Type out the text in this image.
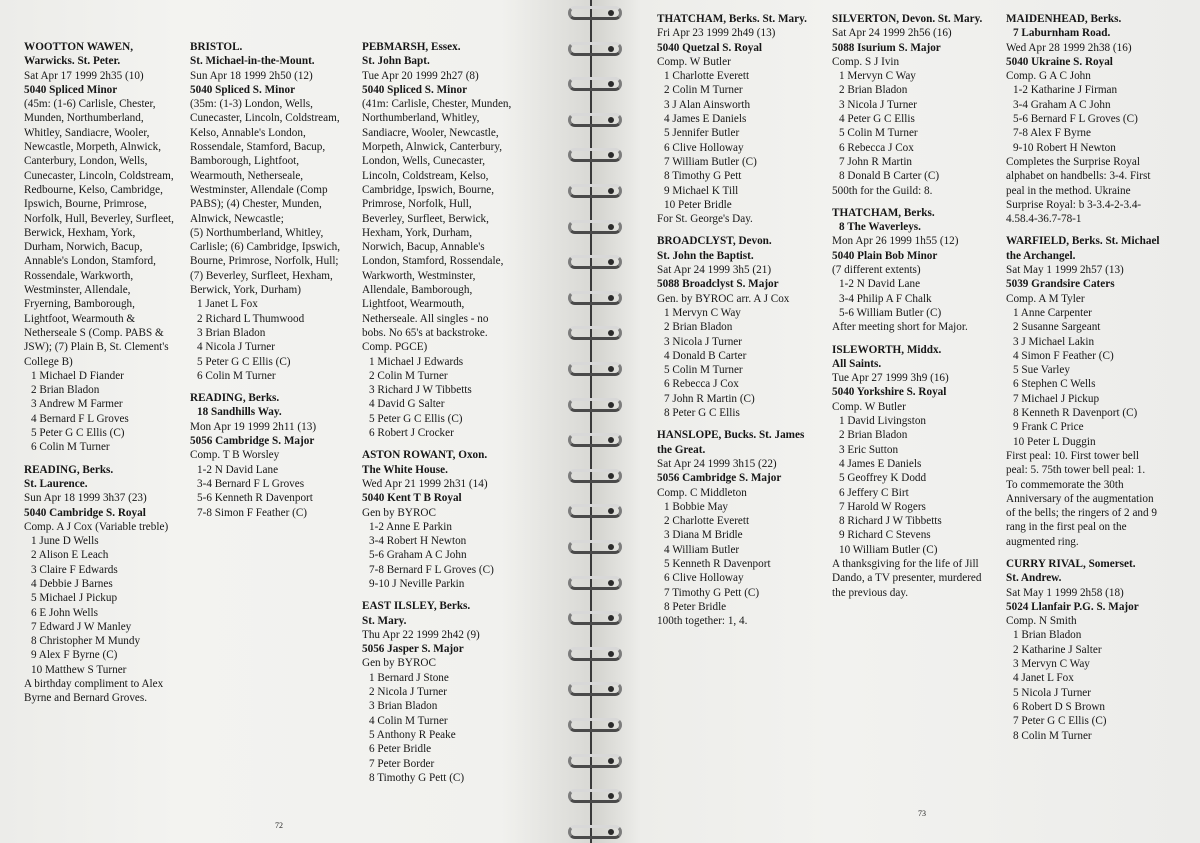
WOOTTON WAWEN,
Warwicks. St. Peter.
Sat Apr 17 1999 2h35 (10)
5040 Spliced Minor
(45m: (1-6) Carlisle, Chester,
Munden, Northumberland,
Whitley, Sandiacre, Wooler,
Newcastle, Morpeth, Alnwick,
Canterbury, London, Wells,
Cunecaster, Lincoln, Coldstream,
Redbourne, Kelso, Cambridge,
Ipswich, Bourne, Primrose,
Norfolk, Hull, Beverley, Surfleet,
Berwick, Hexham, York,
Durham, Norwich, Bacup,
Annable's London, Stamford,
Rossendale, Warkworth,
Westminster, Allendale,
Fryerning, Bamborough,
Lightfoot, Wearmouth &
Netherseale S (Comp. PABS &
JSW); (7) Plain B, St. Clement's
College B)
1 Michael D Fiander
2 Brian Bladon
3 Andrew M Farmer
4 Bernard F L Groves
5 Peter G C Ellis (C)
6 Colin M Turner
READING, Berks.
St. Laurence.
Sun Apr 18 1999 3h37 (23)
5040 Cambridge S. Royal
Comp. A J Cox (Variable treble)
1 June D Wells
2 Alison E Leach
3 Claire F Edwards
4 Debbie J Barnes
5 Michael J Pickup
6 E John Wells
7 Edward J W Manley
8 Christopher M Mundy
9 Alex F Byrne (C)
10 Matthew S Turner
A birthday compliment to Alex
Byrne and Bernard Groves.
BRISTOL.
St. Michael-in-the-Mount.
Sun Apr 18 1999 2h50 (12)
5040 Spliced S. Minor
(35m: (1-3) London, Wells,
Cunecaster, Lincoln, Coldstream,
Kelso, Annable's London,
Rossendale, Stamford, Bacup,
Bamborough, Lightfoot,
Wearmouth, Netherseale,
Westminster, Allendale (Comp
PABS); (4) Chester, Munden,
Alnwick, Newcastle;
(5) Northumberland, Whitley,
Carlisle; (6) Cambridge, Ipswich,
Bourne, Primrose, Norfolk, Hull;
(7) Beverley, Surfleet, Hexham,
Berwick, York, Durham)
1 Janet L Fox
2 Richard L Thumwood
3 Brian Bladon
4 Nicola J Turner
5 Peter G C Ellis (C)
6 Colin M Turner
READING, Berks.
18 Sandhills Way.
Mon Apr 19 1999 2h11 (13)
5056 Cambridge S. Major
Comp. T B Worsley
1-2 N David Lane
3-4 Bernard F L Groves
5-6 Kenneth R Davenport
7-8 Simon F Feather (C)
PEBMARSH, Essex.
St. John Bapt.
Tue Apr 20 1999 2h27 (8)
5040 Spliced S. Minor
(41m: Carlisle, Chester, Munden,
Northumberland, Whitley,
Sandiacre, Wooler, Newcastle,
Morpeth, Alnwick, Canterbury,
London, Wells, Cunecaster,
Lincoln, Coldstream, Kelso,
Cambridge, Ipswich, Bourne,
Primrose, Norfolk, Hull,
Beverley, Surfleet, Berwick,
Hexham, York, Durham,
Norwich, Bacup, Annable's
London, Stamford, Rossendale,
Warkworth, Westminster,
Allendale, Bamborough,
Lightfoot, Wearmouth,
Netherseale. All singles - no
bobs. No 65's at backstroke.
Comp. PGCE)
1 Michael J Edwards
2 Colin M Turner
3 Richard J W Tibbetts
4 David G Salter
5 Peter G C Ellis (C)
6 Robert J Crocker
ASTON ROWANT, Oxon.
The White House.
Wed Apr 21 1999 2h31 (14)
5040 Kent T B Royal
Gen by BYROC
1-2 Anne E Parkin
3-4 Robert H Newton
5-6 Graham A C John
7-8 Bernard F L Groves (C)
9-10 J Neville Parkin
EAST ILSLEY, Berks.
St. Mary.
Thu Apr 22 1999 2h42 (9)
5056 Jasper S. Major
Gen by BYROC
1 Bernard J Stone
2 Nicola J Turner
3 Brian Bladon
4 Colin M Turner
5 Anthony R Peake
6 Peter Bridle
7 Peter Border
8 Timothy G Pett (C)
72
THATCHAM, Berks. St. Mary.
Fri Apr 23 1999 2h49 (13)
5040 Quetzal S. Royal
Comp. W Butler
1 Charlotte Everett
2 Colin M Turner
3 J Alan Ainsworth
4 James E Daniels
5 Jennifer Butler
6 Clive Holloway
7 William Butler (C)
8 Timothy G Pett
9 Michael K Till
10 Peter Bridle
For St. George's Day.
BROADCLYST, Devon.
St. John the Baptist.
Sat Apr 24 1999 3h5 (21)
5088 Broadclyst S. Major
Gen. by BYROC arr. A J Cox
1 Mervyn C Way
2 Brian Bladon
3 Nicola J Turner
4 Donald B Carter
5 Colin M Turner
6 Rebecca J Cox
7 John R Martin (C)
8 Peter G C Ellis
HANSLOPE, Bucks. St. James
the Great.
Sat Apr 24 1999 3h15 (22)
5056 Cambridge S. Major
Comp. C Middleton
1 Bobbie May
2 Charlotte Everett
3 Diana M Bridle
4 William Butler
5 Kenneth R Davenport
6 Clive Holloway
7 Timothy G Pett (C)
8 Peter Bridle
100th together: 1, 4.
SILVERTON, Devon. St. Mary.
Sat Apr 24 1999 2h56 (16)
5088 Isurium S. Major
Comp. S J Ivin
1 Mervyn C Way
2 Brian Bladon
3 Nicola J Turner
4 Peter G C Ellis
5 Colin M Turner
6 Rebecca J Cox
7 John R Martin
8 Donald B Carter (C)
500th for the Guild: 8.
THATCHAM, Berks.
8 The Waverleys.
Mon Apr 26 1999 1h55 (12)
5040 Plain Bob Minor
(7 different extents)
1-2 N David Lane
3-4 Philip A F Chalk
5-6 William Butler (C)
After meeting short for Major.
ISLEWORTH, Middx.
All Saints.
Tue Apr 27 1999 3h9 (16)
5040 Yorkshire S. Royal
Comp. W Butler
1 David Livingston
2 Brian Bladon
3 Eric Sutton
4 James E Daniels
5 Geoffrey K Dodd
6 Jeffery C Birt
7 Harold W Rogers
8 Richard J W Tibbetts
9 Richard C Stevens
10 William Butler (C)
A thanksgiving for the life of Jill
Dando, a TV presenter, murdered
the previous day.
MAIDENHEAD, Berks.
7 Laburnham Road.
Wed Apr 28 1999 2h38 (16)
5040 Ukraine S. Royal
Comp. G A C John
1-2 Katharine J Firman
3-4 Graham A C John
5-6 Bernard F L Groves (C)
7-8 Alex F Byrne
9-10 Robert H Newton
Completes the Surprise Royal
alphabet on handbells: 3-4. First
peal in the method. Ukraine
Surprise Royal: b 3-3.4-2-3.4-
4.58.4-36.7-78-1
WARFIELD, Berks. St. Michael
the Archangel.
Sat May 1 1999 2h57 (13)
5039 Grandsire Caters
Comp. A M Tyler
1 Anne Carpenter
2 Susanne Sargeant
3 J Michael Lakin
4 Simon F Feather (C)
5 Sue Varley
6 Stephen C Wells
7 Michael J Pickup
8 Kenneth R Davenport (C)
9 Frank C Price
10 Peter L Duggin
First peal: 10. First tower bell
peal: 5. 75th tower bell peal: 1.
To commemorate the 30th
Anniversary of the augmentation
of the bells; the ringers of 2 and 9
rang in the first peal on the
augmented ring.
CURRY RIVAL, Somerset.
St. Andrew.
Sat May 1 1999 2h58 (18)
5024 Llanfair P.G. S. Major
Comp. N Smith
1 Brian Bladon
2 Katharine J Salter
3 Mervyn C Way
4 Janet L Fox
5 Nicola J Turner
6 Robert D S Brown
7 Peter G C Ellis (C)
8 Colin M Turner
73
